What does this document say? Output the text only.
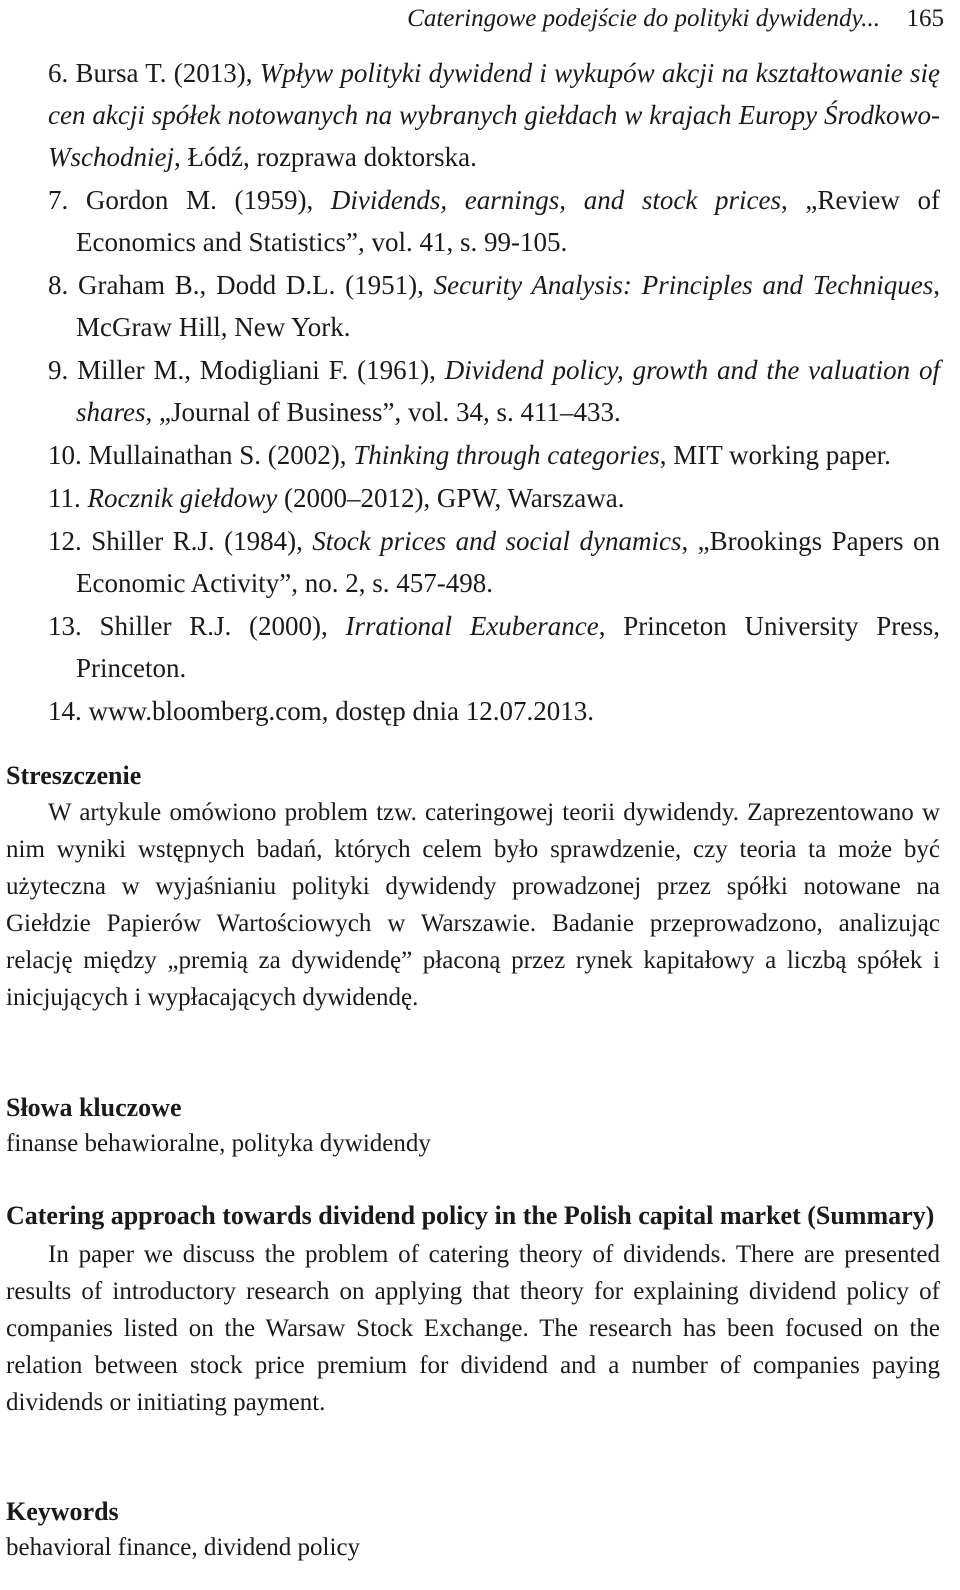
Cateringowe podejście do polityki dywidendy... 165

6. Bursa T. (2013), Wpływ polityki dywidend i wykupów akcji na kształtowanie się cen akcji spółek notowanych na wybranych giełdach w krajach Europy Środkowo-Wschodniej, Łódź, rozprawa doktorska.

7. Gordon M. (1959), Dividends, earnings, and stock prices, „Review of Economics and Statistics”, vol. 41, s. 99-105.

8. Graham B., Dodd D.L. (1951), Security Analysis: Principles and Techniques, McGraw Hill, New York.

9. Miller M., Modigliani F. (1961), Dividend policy, growth and the valuation of shares, „Journal of Business”, vol. 34, s. 411–433.

10. Mullainathan S. (2002), Thinking through categories, MIT working paper.

11. Rocznik giełdowy (2000–2012), GPW, Warszawa.

12. Shiller R.J. (1984), Stock prices and social dynamics, „Brookings Papers on Economic Activity”, no. 2, s. 457-498.

13. Shiller R.J. (2000), Irrational Exuberance, Princeton University Press, Princeton.

14. www.bloomberg.com, dostęp dnia 12.07.2013.

Streszczenie

W artykule omówiono problem tzw. cateringowej teorii dywidendy. Zaprezentowano w nim wyniki wstępnych badań, których celem było sprawdzenie, czy teoria ta może być użyteczna w wyjaśnianiu polityki dywidendy prowadzonej przez spółki notowane na Giełdzie Papierów Wartościowych w Warszawie. Badanie przeprowadzono, analizując relację między „premią za dywidendę” płaconą przez rynek kapitałowy a liczbą spółek i inicjujących i wypłacających dywidendę.

Słowa kluczowe

finanse behawioralne, polityka dywidendy

Catering approach towards dividend policy in the Polish capital market (Summary)

In paper we discuss the problem of catering theory of dividends. There are presented results of introductory research on applying that theory for explaining dividend policy of companies listed on the Warsaw Stock Exchange. The research has been focused on the relation between stock price premium for dividend and a number of companies paying dividends or initiating payment.

Keywords

behavioral finance, dividend policy
